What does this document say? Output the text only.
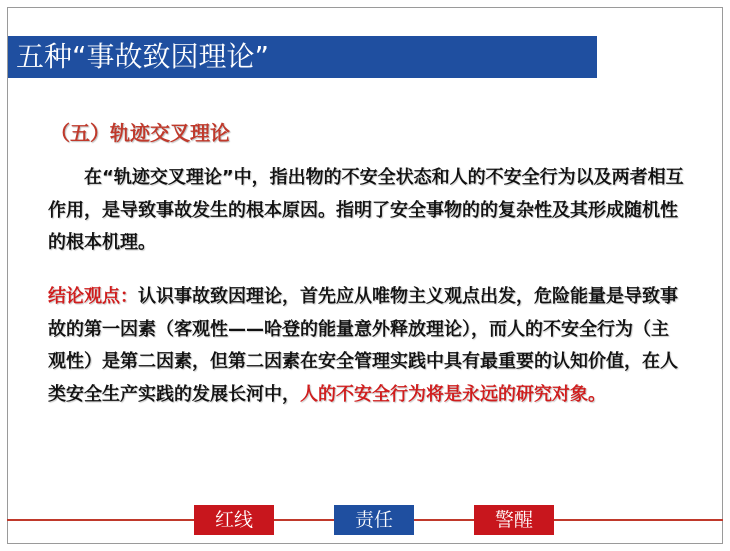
五种“事故致因理论”
（五）轨迹交叉理论

在“轨迹交叉理论”中，指出物的不安全状态和人的不安全行为以及两者相互作用，是导致事故发生的根本原因。指明了安全事物的的复杂性及其形成随机性的根本机理。

结论观点：认识事故致因理论，首先应从唯物主义观点出发，危险能量是导致事故的第一因素（客观性——哈登的能量意外释放理论），而人的不安全行为（主观性）是第二因素，但第二因素在安全管理实践中具有最重要的认知价值，在人类安全生产实践的发展长河中，人的不安全行为将是永远的研究对象。

红线	责任	警醒
